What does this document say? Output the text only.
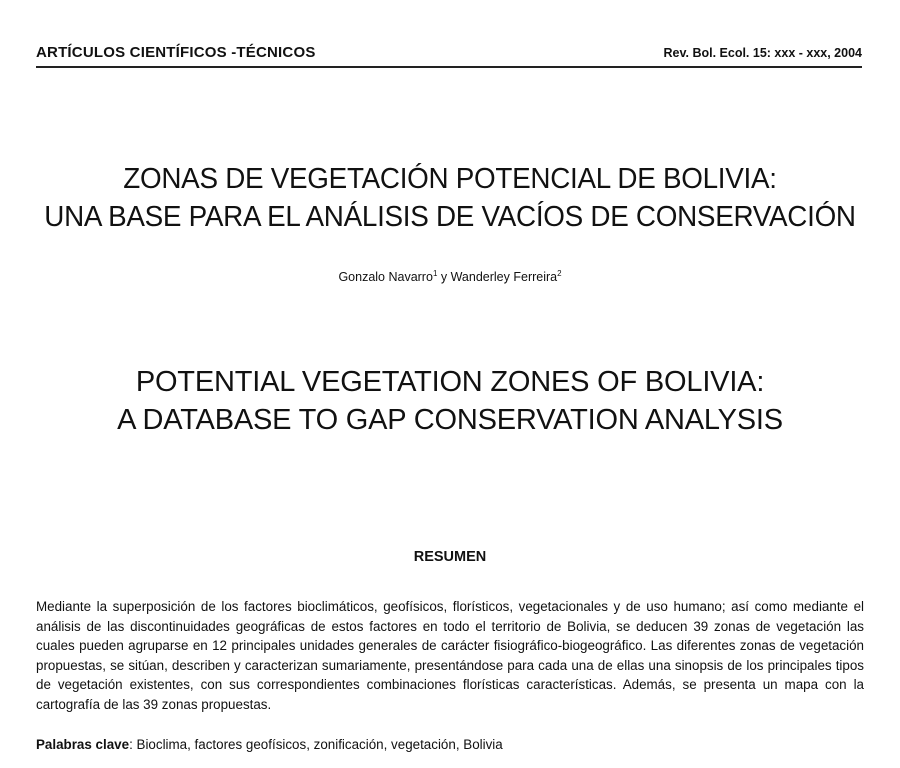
ARTÍCULOS CIENTÍFICOS -TÉCNICOS	Rev. Bol. Ecol. 15: xxx - xxx, 2004
ZONAS DE VEGETACIÓN POTENCIAL DE BOLIVIA:
UNA BASE PARA EL ANÁLISIS DE VACÍOS DE CONSERVACIÓN
Gonzalo Navarro$^1$ y Wanderley Ferreira$^2$
POTENTIAL VEGETATION ZONES OF BOLIVIA:
A DATABASE TO GAP CONSERVATION ANALYSIS
RESUMEN
Mediante la superposición de los factores bioclimáticos, geofísicos, florísticos, vegetacionales y de uso humano; así como mediante el análisis de las discontinuidades geográficas de estos factores en todo el territorio de Bolivia, se deducen 39 zonas de vegetación las cuales pueden agruparse en 12 principales unidades generales de carácter fisiográfico-biogeográfico. Las diferentes zonas de vegetación propuestas, se sitúan, describen y caracterizan sumariamente, presentándose para cada una de ellas una sinopsis de los principales tipos de vegetación existentes, con sus correspondientes combinaciones florísticas características. Además, se presenta un mapa con la cartografía de las 39 zonas propuestas.
Palabras clave: Bioclima, factores geofísicos, zonificación, vegetación, Bolivia
